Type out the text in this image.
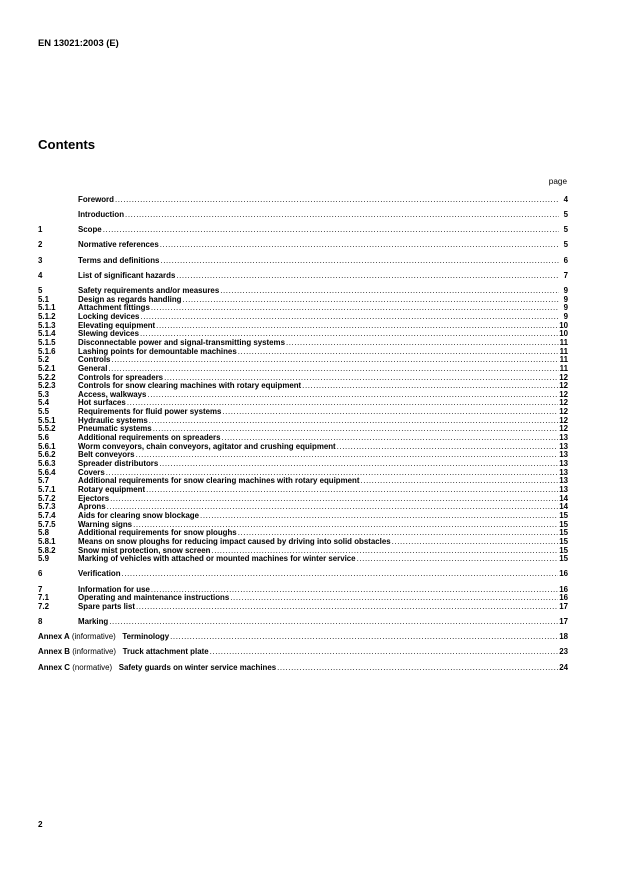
EN 13021:2003 (E)
Contents
page
Foreword .....	4
Introduction .....	5
1	Scope .....	5
2	Normative references .....	5
3	Terms and definitions .....	6
4	List of significant hazards .....	7
5	Safety requirements and/or measures .....	9
5.1	Design as regards handling .....	9
5.1.1	Attachment fittings .....	9
5.1.2	Locking devices .....	9
5.1.3	Elevating equipment .....	10
5.1.4	Slewing devices .....	10
5.1.5	Disconnectable power and signal-transmitting systems .....	11
5.1.6	Lashing points for demountable machines .....	11
5.2	Controls .....	11
5.2.1	General .....	11
5.2.2	Controls for spreaders .....	12
5.2.3	Controls for snow clearing machines with rotary equipment .....	12
5.3	Access, walkways .....	12
5.4	Hot surfaces .....	12
5.5	Requirements for fluid power systems .....	12
5.5.1	Hydraulic systems .....	12
5.5.2	Pneumatic systems .....	12
5.6	Additional requirements on spreaders .....	13
5.6.1	Worm conveyors, chain conveyors, agitator and crushing equipment .....	13
5.6.2	Belt conveyors .....	13
5.6.3	Spreader distributors .....	13
5.6.4	Covers .....	13
5.7	Additional requirements for snow clearing machines with rotary equipment .....	13
5.7.1	Rotary equipment .....	13
5.7.2	Ejectors .....	14
5.7.3	Aprons .....	14
5.7.4	Aids for clearing snow blockage .....	15
5.7.5	Warning signs .....	15
5.8	Additional requirements for snow ploughs .....	15
5.8.1	Means on snow ploughs for reducing impact caused by driving into solid obstacles .....	15
5.8.2	Snow mist protection, snow screen .....	15
5.9	Marking of vehicles with attached or mounted machines for winter service .....	15
6	Verification .....	16
7	Information for use .....	16
7.1	Operating and maintenance instructions .....	16
7.2	Spare parts list .....	17
8	Marking .....	17
Annex A (informative) Terminology .....	18
Annex B (informative) Truck attachment plate .....	23
Annex C (normative) Safety guards on winter service machines .....	24
2
